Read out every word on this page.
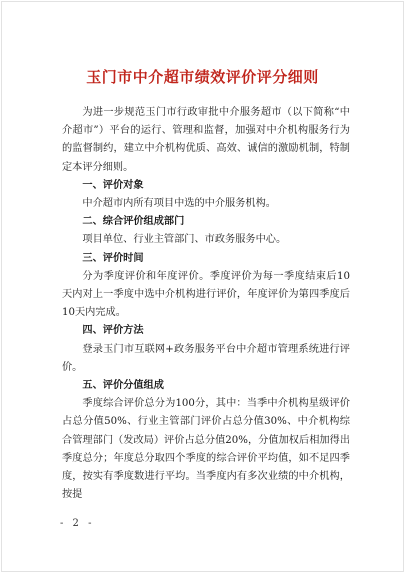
玉门市中介超市绩效评价评分细则

为进一步规范玉门市行政审批中介服务超市（以下简称“中介超市”）平台的运行、管理和监督，加强对中介机构服务行为的监督制约，建立中介机构优质、高效、诚信的激励机制，特制定本评分细则。

一、评价对象

中介超市内所有项目中选的中介服务机构。

二、综合评价组成部门

项目单位、行业主管部门、市政务服务中心。

三、评价时间

分为季度评价和年度评价。季度评价为每一季度结束后10天内对上一季度中选中介机构进行评价，年度评价为第四季度后10天内完成。

四、评价方法

登录玉门市互联网+政务服务平台中介超市管理系统进行评价。

五、评价分值组成

季度综合评价总分为100分，其中：当季中介机构星级评价占总分值50%、行业主管部门评价占总分值30%、中介机构综合管理部门（发改局）评价占总分值20%，分值加权后相加得出季度总分；年度总分取四个季度的综合评价平均值，如不足四季度，按实有季度数进行平均。当季度内有多次业绩的中介机构，按提

- 2 -
